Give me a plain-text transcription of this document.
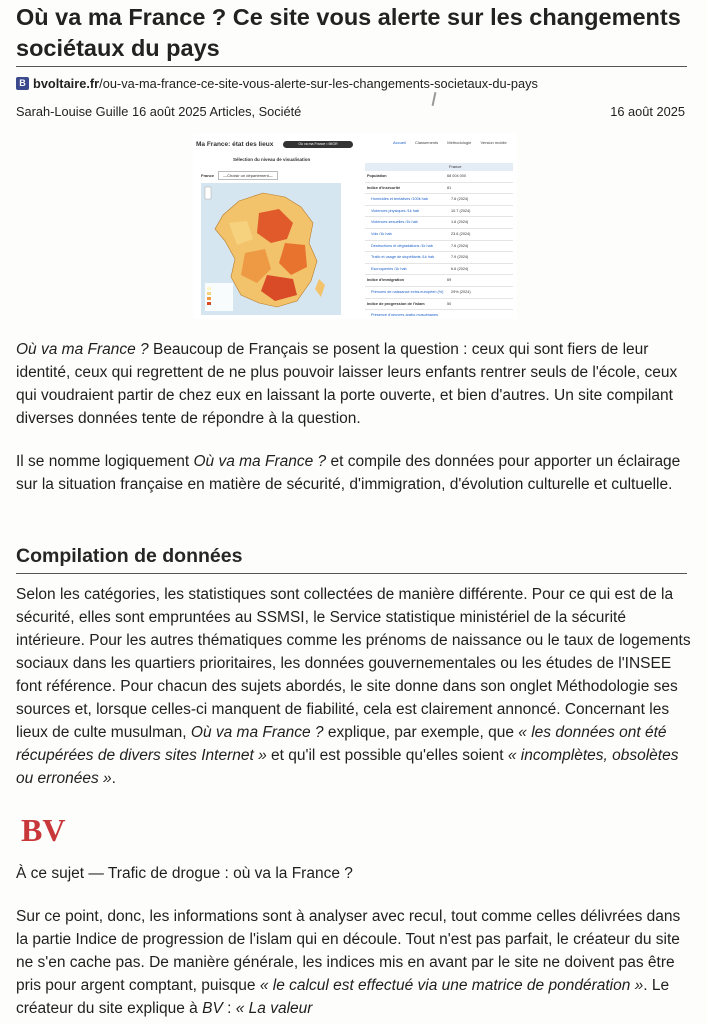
Où va ma France ? Ce site vous alerte sur les changements sociétaux du pays
B bvoltaire.fr /ou-va-ma-france-ce-site-vous-alerte-sur-les-changements-societaux-du-pays
Sarah-Louise Guille 16 août 2025 Articles, Société	16 août 2025
Ma France: état des lieux	Où va ma France • MIGR	Accueil Classements Méthodologie Version mobile
Sélection du niveau de visualisation
France —Choisir un département—
France
Population	68 004 000
Indice d'insécurité	81
Homicides et tentatives /100k hab	7.6 (2024)
Violences physiques /1k hab	10.7 (2024)
Violences sexuelles /1k hab	1.6 (2024)
Vols /1k hab	23.6 (2024)
Destructions et dégradations /1k hab	7.6 (2024)
Trafic et usage de stupéfiants /1k hab	7.9 (2024)
Escroqueries /1k hab	6.6 (2024)
Indice d'immigration	69
Prénoms de naissance extra-européen (%)	29% (2024)
Indice de progression de l'islam	50
Présence d'oeuvres arabo-musulmanes

Où va ma France ? Beaucoup de Français se posent la question : ceux qui sont fiers de leur identité, ceux qui regrettent de ne plus pouvoir laisser leurs enfants rentrer seuls de l'école, ceux qui voudraient partir de chez eux en laissant la porte ouverte, et bien d'autres. Un site compilant diverses données tente de répondre à la question.

Il se nomme logiquement Où va ma France ? et compile des données pour apporter un éclairage sur la situation française en matière de sécurité, d'immigration, d'évolution culturelle et cultuelle.

Compilation de données

Selon les catégories, les statistiques sont collectées de manière différente. Pour ce qui est de la sécurité, elles sont empruntées au SSMSI, le Service statistique ministériel de la sécurité intérieure. Pour les autres thématiques comme les prénoms de naissance ou le taux de logements sociaux dans les quartiers prioritaires, les données gouvernementales ou les études de l'INSEE font référence. Pour chacun des sujets abordés, le site donne dans son onglet Méthodologie ses sources et, lorsque celles-ci manquent de fiabilité, cela est clairement annoncé. Concernant les lieux de culte musulman, Où va ma France ? explique, par exemple, que « les données ont été récupérées de divers sites Internet » et qu'il est possible qu'elles soient « incomplètes, obsolètes ou erronées ».

BV

À ce sujet — Trafic de drogue : où va la France ?

Sur ce point, donc, les informations sont à analyser avec recul, tout comme celles délivrées dans la partie Indice de progression de l'islam qui en découle. Tout n'est pas parfait, le créateur du site ne s'en cache pas. De manière générale, les indices mis en avant par le site ne doivent pas être pris pour argent comptant, puisque « le calcul est effectué via une matrice de pondération ». Le créateur du site explique à BV : « La valeur
